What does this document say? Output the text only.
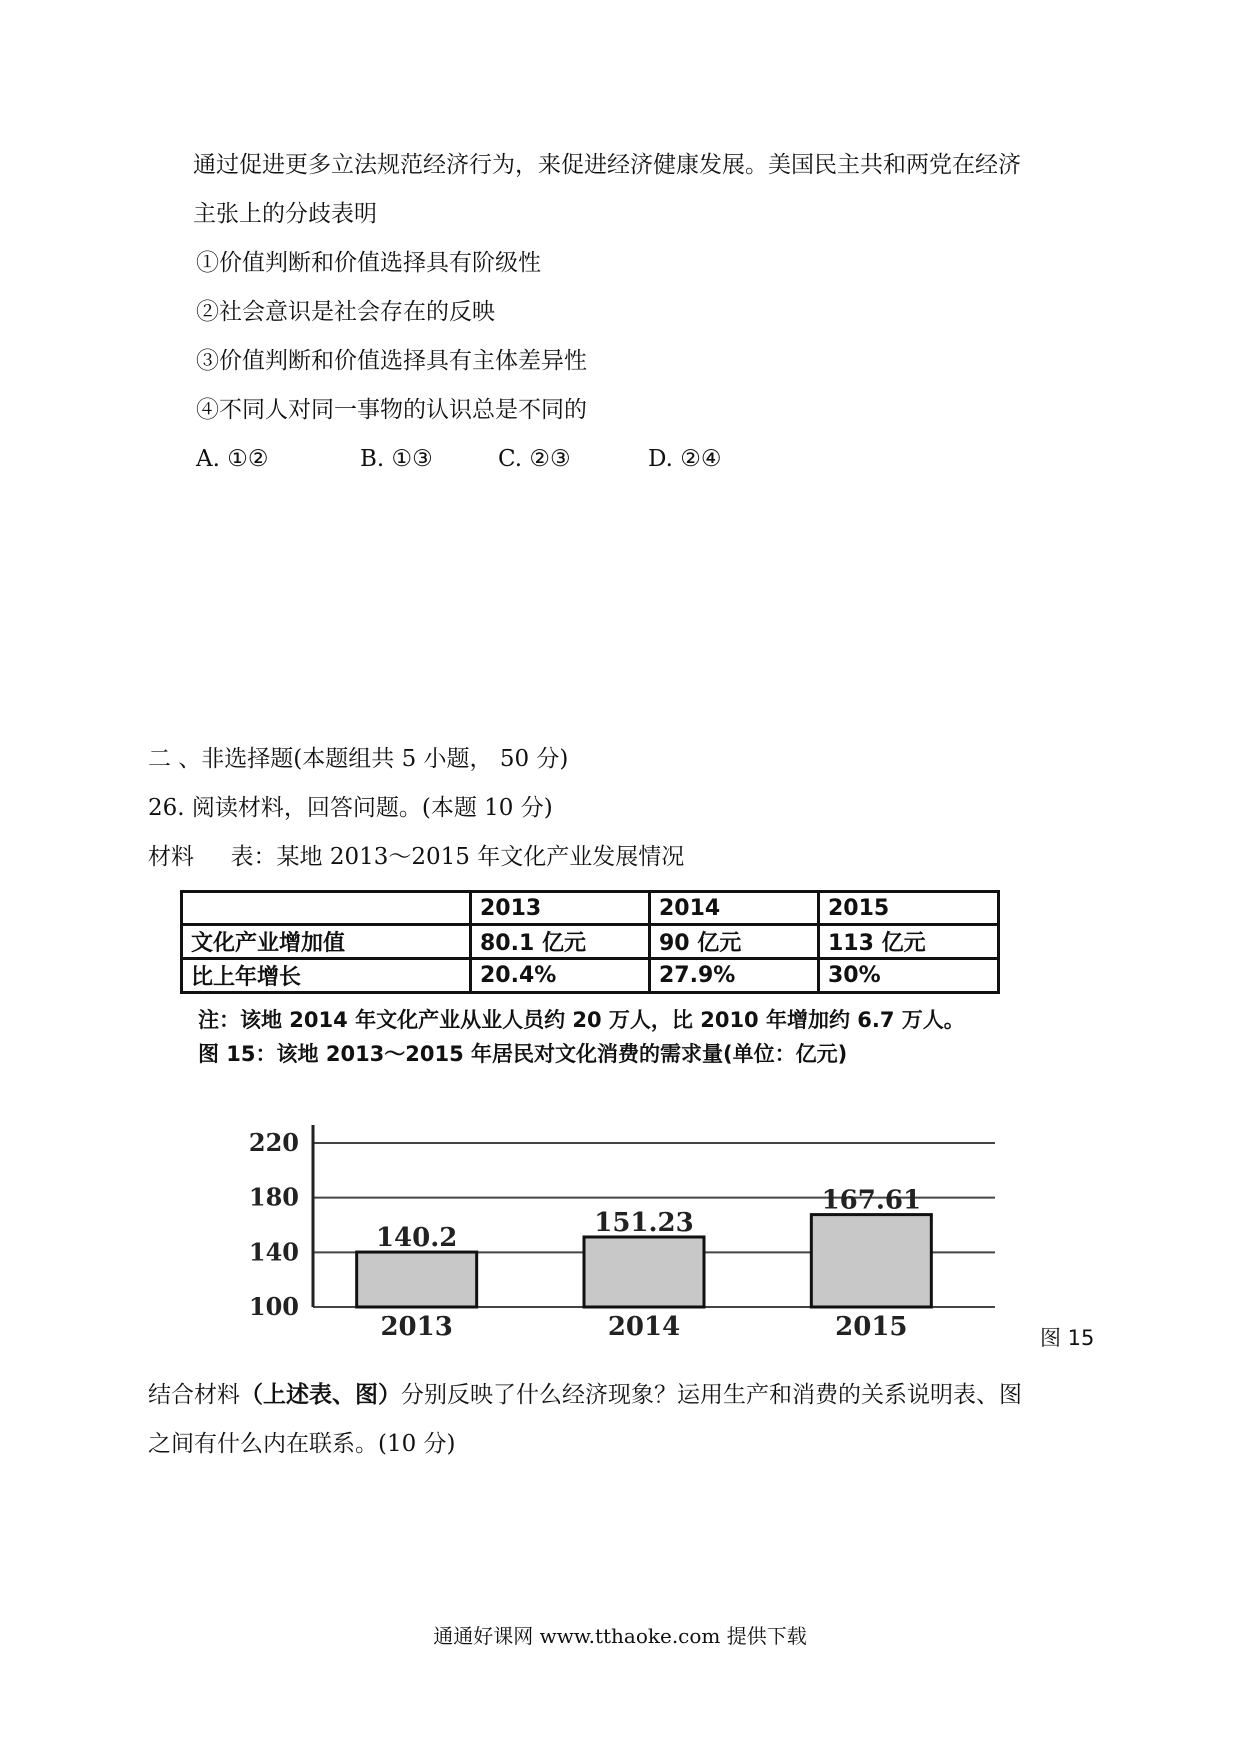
通过促进更多立法规范经济行为，来促进经济健康发展。美国民主共和两党在经济
主张上的分歧表明
①价值判断和价值选择具有阶级性
②社会意识是社会存在的反映
③价值判断和价值选择具有主体差异性
④不同人对同一事物的认识总是不同的
A. ①②	B. ①③	C. ②③	D. ②④
二 、非选择题(本题组共 5 小题， 50 分)
26. 阅读材料，回答问题。(本题 10 分)
材料     表：某地 2013～2015 年文化产业发展情况
	2013	2014	2015
文化产业增加值	80.1 亿元	90 亿元	113 亿元
比上年增长	20.4%	27.9%	30%
注：该地 2014 年文化产业从业人员约 20 万人，比 2010 年增加约 6.7 万人。
图 15：该地 2013～2015 年居民对文化消费的需求量(单位：亿元)
100
140
180
220
140.2
2013
151.23
2014
167.61
2015	图 15
结合材料（上述表、图）分别反映了什么经济现象？运用生产和消费的关系说明表、图
之间有什么内在联系。(10 分)
通通好课网 www.tthaoke.com 提供下载
